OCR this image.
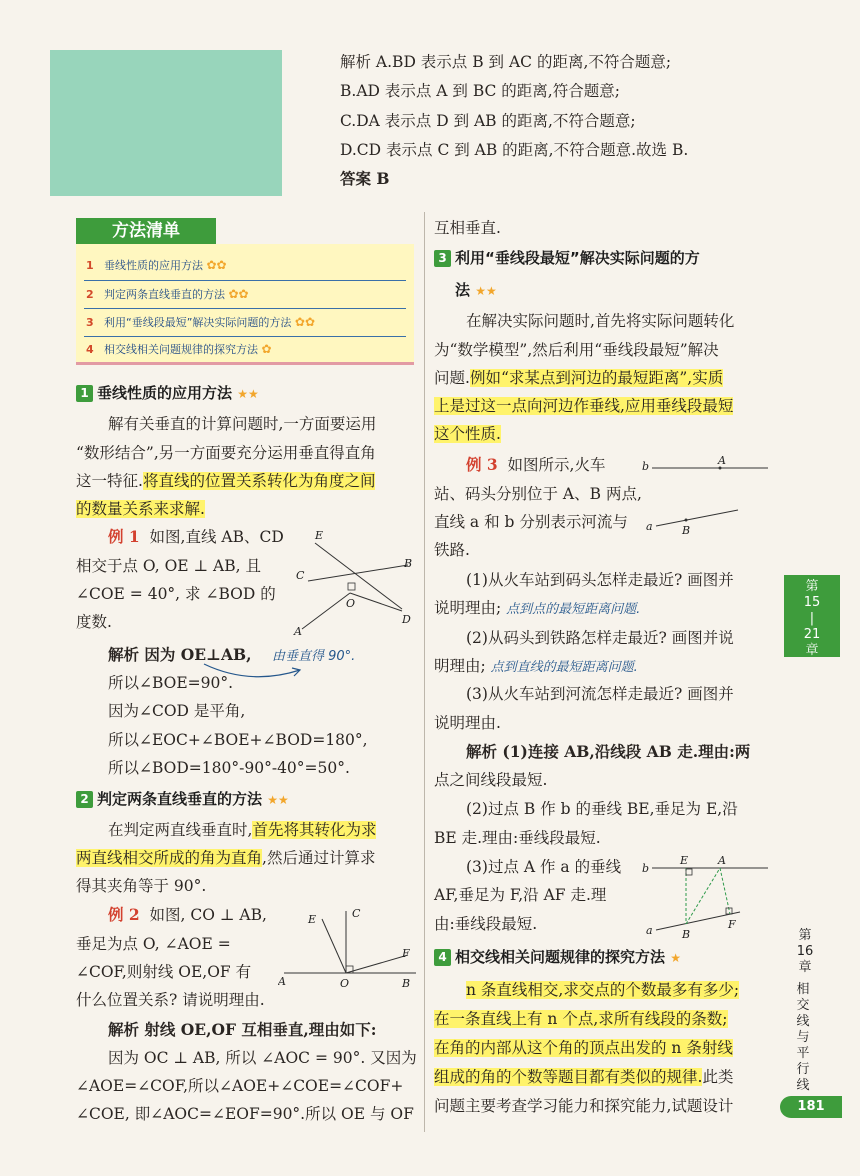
解析 A.BD 表示点 B 到 AC 的距离,不符合题意;
B.AD 表示点 A 到 BC 的距离,符合题意;
C.DA 表示点 D 到 AB 的距离,不符合题意;
D.CD 表示点 C 到 AB 的距离,不符合题意.故选 B.
答案 B
1 垂线性质的应用方法 ✿✿
2 判定两条直线垂直的方法 ✿✿
3 利用“垂线段最短”解决实际问题的方法 ✿✿
4 相交线相关问题规律的探究方法 ✿
方法清单
1 垂线性质的应用方法 ★★
解有关垂直的计算问题时,一方面要运用
“数形结合”,另一方面要充分运用垂直得直角
这一特征.将直线的位置关系转化为角度之间
的数量关系来求解.
例 1 如图,直线 AB、CD
相交于点 O, OE ⊥ AB, 且
∠COE = 40°, 求 ∠BOD 的
度数.
E
C
B
O
D
A
解析 因为 OE⊥AB, 由垂直得 90°.
所以∠BOE=90°.
因为∠COD 是平角,
所以∠EOC+∠BOE+∠BOD=180°,
所以∠BOD=180°-90°-40°=50°.
2 判定两条直线垂直的方法 ★★
在判定两直线垂直时,首先将其转化为求
两直线相交所成的角为直角,然后通过计算求
得其夹角等于 90°.
例 2 如图, CO ⊥ AB,
垂足为点 O, ∠AOE =
∠COF,则射线 OE,OF 有
什么位置关系? 请说明理由.
E	C
F
A	O	B
解析 射线 OE,OF 互相垂直,理由如下:
因为 OC ⊥ AB, 所以 ∠AOC = 90°. 又因为
∠AOE=∠COF,所以∠AOE+∠COE=∠COF+
∠COE, 即∠AOC=∠EOF=90°.所以 OE 与 OF
互相垂直.
3 利用“垂线段最短”解决实际问题的方
法 ★★
在解决实际问题时,首先将实际问题转化
为“数学模型”,然后利用“垂线段最短”解决
问题.例如“求某点到河边的最短距离”,实质
上是过这一点向河边作垂线,应用垂线段最短
这个性质.
例 3 如图所示,火车
站、码头分别位于 A、B 两点,
直线 a 和 b 分别表示河流与
铁路.
b	A
a	B
(1)从火车站到码头怎样走最近? 画图并
说明理由; 点到点的最短距离问题.
(2)从码头到铁路怎样走最近? 画图并说
明理由; 点到直线的最短距离问题.
(3)从火车站到河流怎样走最近? 画图并
说明理由.
解析 (1)连接 AB,沿线段 AB 走.理由:两
点之间线段最短.
(2)过点 B 作 b 的垂线 BE,垂足为 E,沿
BE 走.理由:垂线段最短.
(3)过点 A 作 a 的垂线
AF,垂足为 F,沿 AF 走.理
由:垂线段最短.
b
E	A
a	B
F
4 相交线相关问题规律的探究方法 ★
n 条直线相交,求交点的个数最多有多少;
在一条直线上有 n 个点,求所有线段的条数;
在角的内部从这个角的顶点出发的 n 条射线
组成的角的个数等题目都有类似的规律.此类
问题主要考查学习能力和探究能力,试题设计
第
15
|
21
章
第
16
章
相交线与平行线
181
